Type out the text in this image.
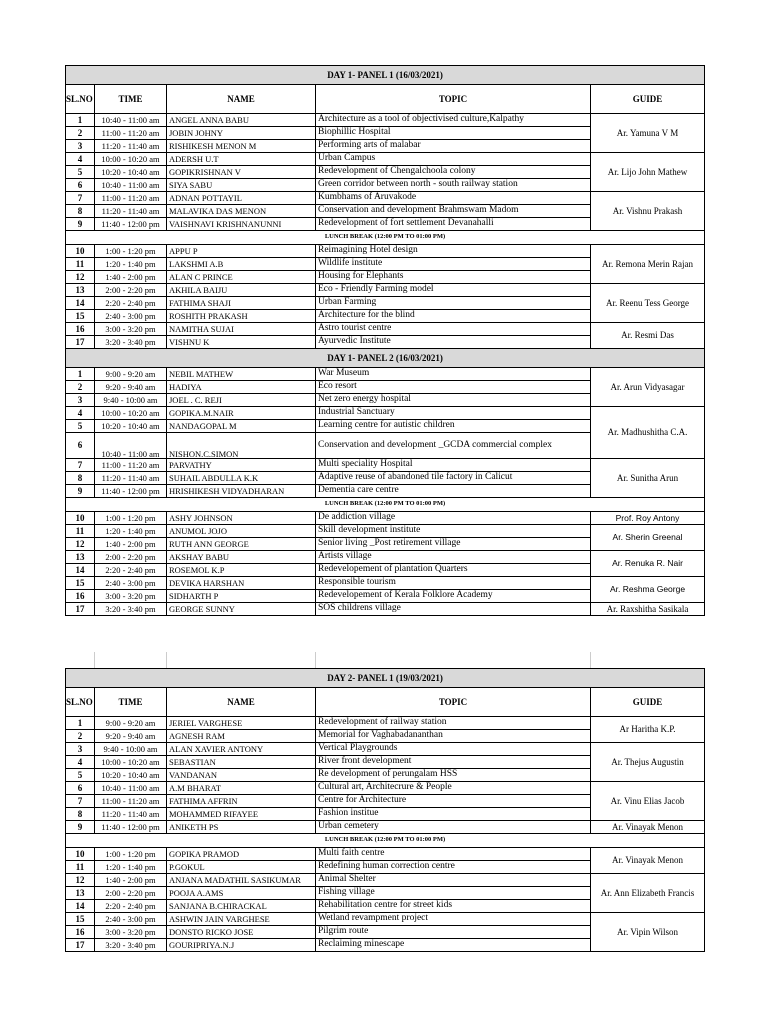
DAY 1- PANEL 1 (16/03/2021)				
SL.NO	TIME	NAME	TOPIC	GUIDE
1	10:40 - 11:00 am	ANGEL ANNA BABU	Architecture as a tool of objectivised culture,Kalpathy	Ar. Yamuna V M
2	11:00 - 11:20 am	JOBIN JOHNY	Biophillic Hospital	
3	11:20 - 11:40 am	RISHIKESH MENON M	Performing arts of malabar	
4	10:00 - 10:20 am	ADERSH U.T	Urban Campus	Ar. Lijo John Mathew
5	10:20 - 10:40 am	GOPIKRISHNAN V	Redevelopment of Chengalchoola colony	
6	10:40 - 11:00 am	SIYA SABU	Green corridor between north - south railway station	
7	11:00 - 11:20 am	ADNAN POTTAYIL	Kumbhams of Aruvakode	Ar. Vishnu Prakash
8	11:20 - 11:40 am	MALAVIKA DAS MENON	Conservation and development Brahmswam Madom	
9	11:40 - 12:00 pm	VAISHNAVI KRISHNANUNNI	Redevelopment of fort settlement Devanahalli	
LUNCH BREAK (12:00 PM TO 01:00 PM)				
10	1:00 - 1:20 pm	APPU P	Reimagining Hotel design	Ar. Remona Merin Rajan
11	1:20 - 1:40 pm	LAKSHMI A.B	Wildlife institute	
12	1:40 - 2:00 pm	ALAN C PRINCE	Housing for Elephants	
13	2:00 - 2:20 pm	AKHILA BAIJU	Eco - Friendly Farming model	Ar. Reenu Tess George
14	2:20 - 2:40 pm	FATHIMA SHAJI	Urban Farming	
15	2:40 - 3:00 pm	ROSHITH PRAKASH	Architecture for the blind	
16	3:00 - 3:20 pm	NAMITHA SUJAI	Astro tourist centre	Ar. Resmi Das
17	3:20 - 3:40 pm	VISHNU K	Ayurvedic Institute	
DAY 1- PANEL 2 (16/03/2021)				
1	9:00 - 9:20 am	NEBIL MATHEW	War Museum	Ar. Arun Vidyasagar
2	9:20 - 9:40 am	HADIYA	Eco resort	
3	9:40 - 10:00 am	JOEL . C. REJI	Net zero energy hospital	
4	10:00 - 10:20 am	GOPIKA.M.NAIR	Industrial Sanctuary	Ar. Madhushitha C.A.
5	10:20 - 10:40 am	NANDAGOPAL M	Learning centre for autistic children	
6	10:40 - 11:00 am	NISHON.C.SIMON	Conservation and development _GCDA commercial complex	
7	11:00 - 11:20 am	PARVATHY	Multi speciality Hospital	Ar. Sunitha Arun
8	11:20 - 11:40 am	SUHAIL ABDULLA K.K	Adaptive reuse of abandoned tile factory in Calicut	
9	11:40 - 12:00 pm	HRISHIKESH VIDYADHARAN	Dementia care centre	
LUNCH BREAK (12:00 PM TO 01:00 PM)				
10	1:00 - 1:20 pm	ASHY JOHNSON	De addiction village	Prof. Roy Antony
11	1:20 - 1:40 pm	ANUMOL JOJO	Skill development institute	Ar. Sherin Greenal
12	1:40 - 2:00 pm	RUTH ANN GEORGE	Senior living _Post retirement village	
13	2:00 - 2:20 pm	AKSHAY BABU	Artists village	Ar. Renuka R. Nair
14	2:20 - 2:40 pm	ROSEMOL K.P	Redevelopement of plantation Quarters	
15	2:40 - 3:00 pm	DEVIKA HARSHAN	Responsible tourism	Ar. Reshma George
16	3:00 - 3:20 pm	SIDHARTH P	Redevelopement of Kerala Folklore Academy	
17	3:20 - 3:40 pm	GEORGE SUNNY	SOS childrens village	Ar. Raxshitha Sasikala
DAY 2- PANEL 1 (19/03/2021)				
SL.NO	TIME	NAME	TOPIC	GUIDE
1	9:00 - 9:20 am	JERIEL VARGHESE	Redevelopment of railway station	Ar Haritha K.P.
2	9:20 - 9:40 am	AGNESH RAM	Memorial for Vaghabadananthan	
3	9:40 - 10:00 am	ALAN XAVIER ANTONY	Vertical Playgrounds	Ar. Thejus Augustin
4	10:00 - 10:20 am	SEBASTIAN	River front development	
5	10:20 - 10:40 am	VANDANAN	Re development of perungalam HSS	
6	10:40 - 11:00 am	A.M BHARAT	Cultural art, Architecrure & People	Ar. Vinu Elias Jacob
7	11:00 - 11:20 am	FATHIMA AFFRIN	Centre for Architecture	
8	11:20 - 11:40 am	MOHAMMED RIFAYEE	Fashion institue	
9	11:40 - 12:00 pm	ANIKETH PS	Urban cemetery	Ar. Vinayak Menon
LUNCH BREAK (12:00 PM TO 01:00 PM)				
10	1:00 - 1:20 pm	GOPIKA PRAMOD	Multi faith centre	Ar. Vinayak Menon
11	1:20 - 1:40 pm	P.GOKUL	Redefining human correction centre	
12	1:40 - 2:00 pm	ANJANA MADATHIL SASIKUMAR	Animal Shelter	Ar. Ann Elizabeth Francis
13	2:00 - 2:20 pm	POOJA A.AMS	Fishing village	
14	2:20 - 2:40 pm	SANJANA B.CHIRACKAL	Rehabilitation centre for street kids	
15	2:40 - 3:00 pm	ASHWIN JAIN VARGHESE	Wetland revampment project	Ar. Vipin Wilson
16	3:00 - 3:20 pm	DONSTO RICKO JOSE	Pilgrim route	
17	3:20 - 3:40 pm	GOURIPRIYA.N.J	Reclaiming minescape	
